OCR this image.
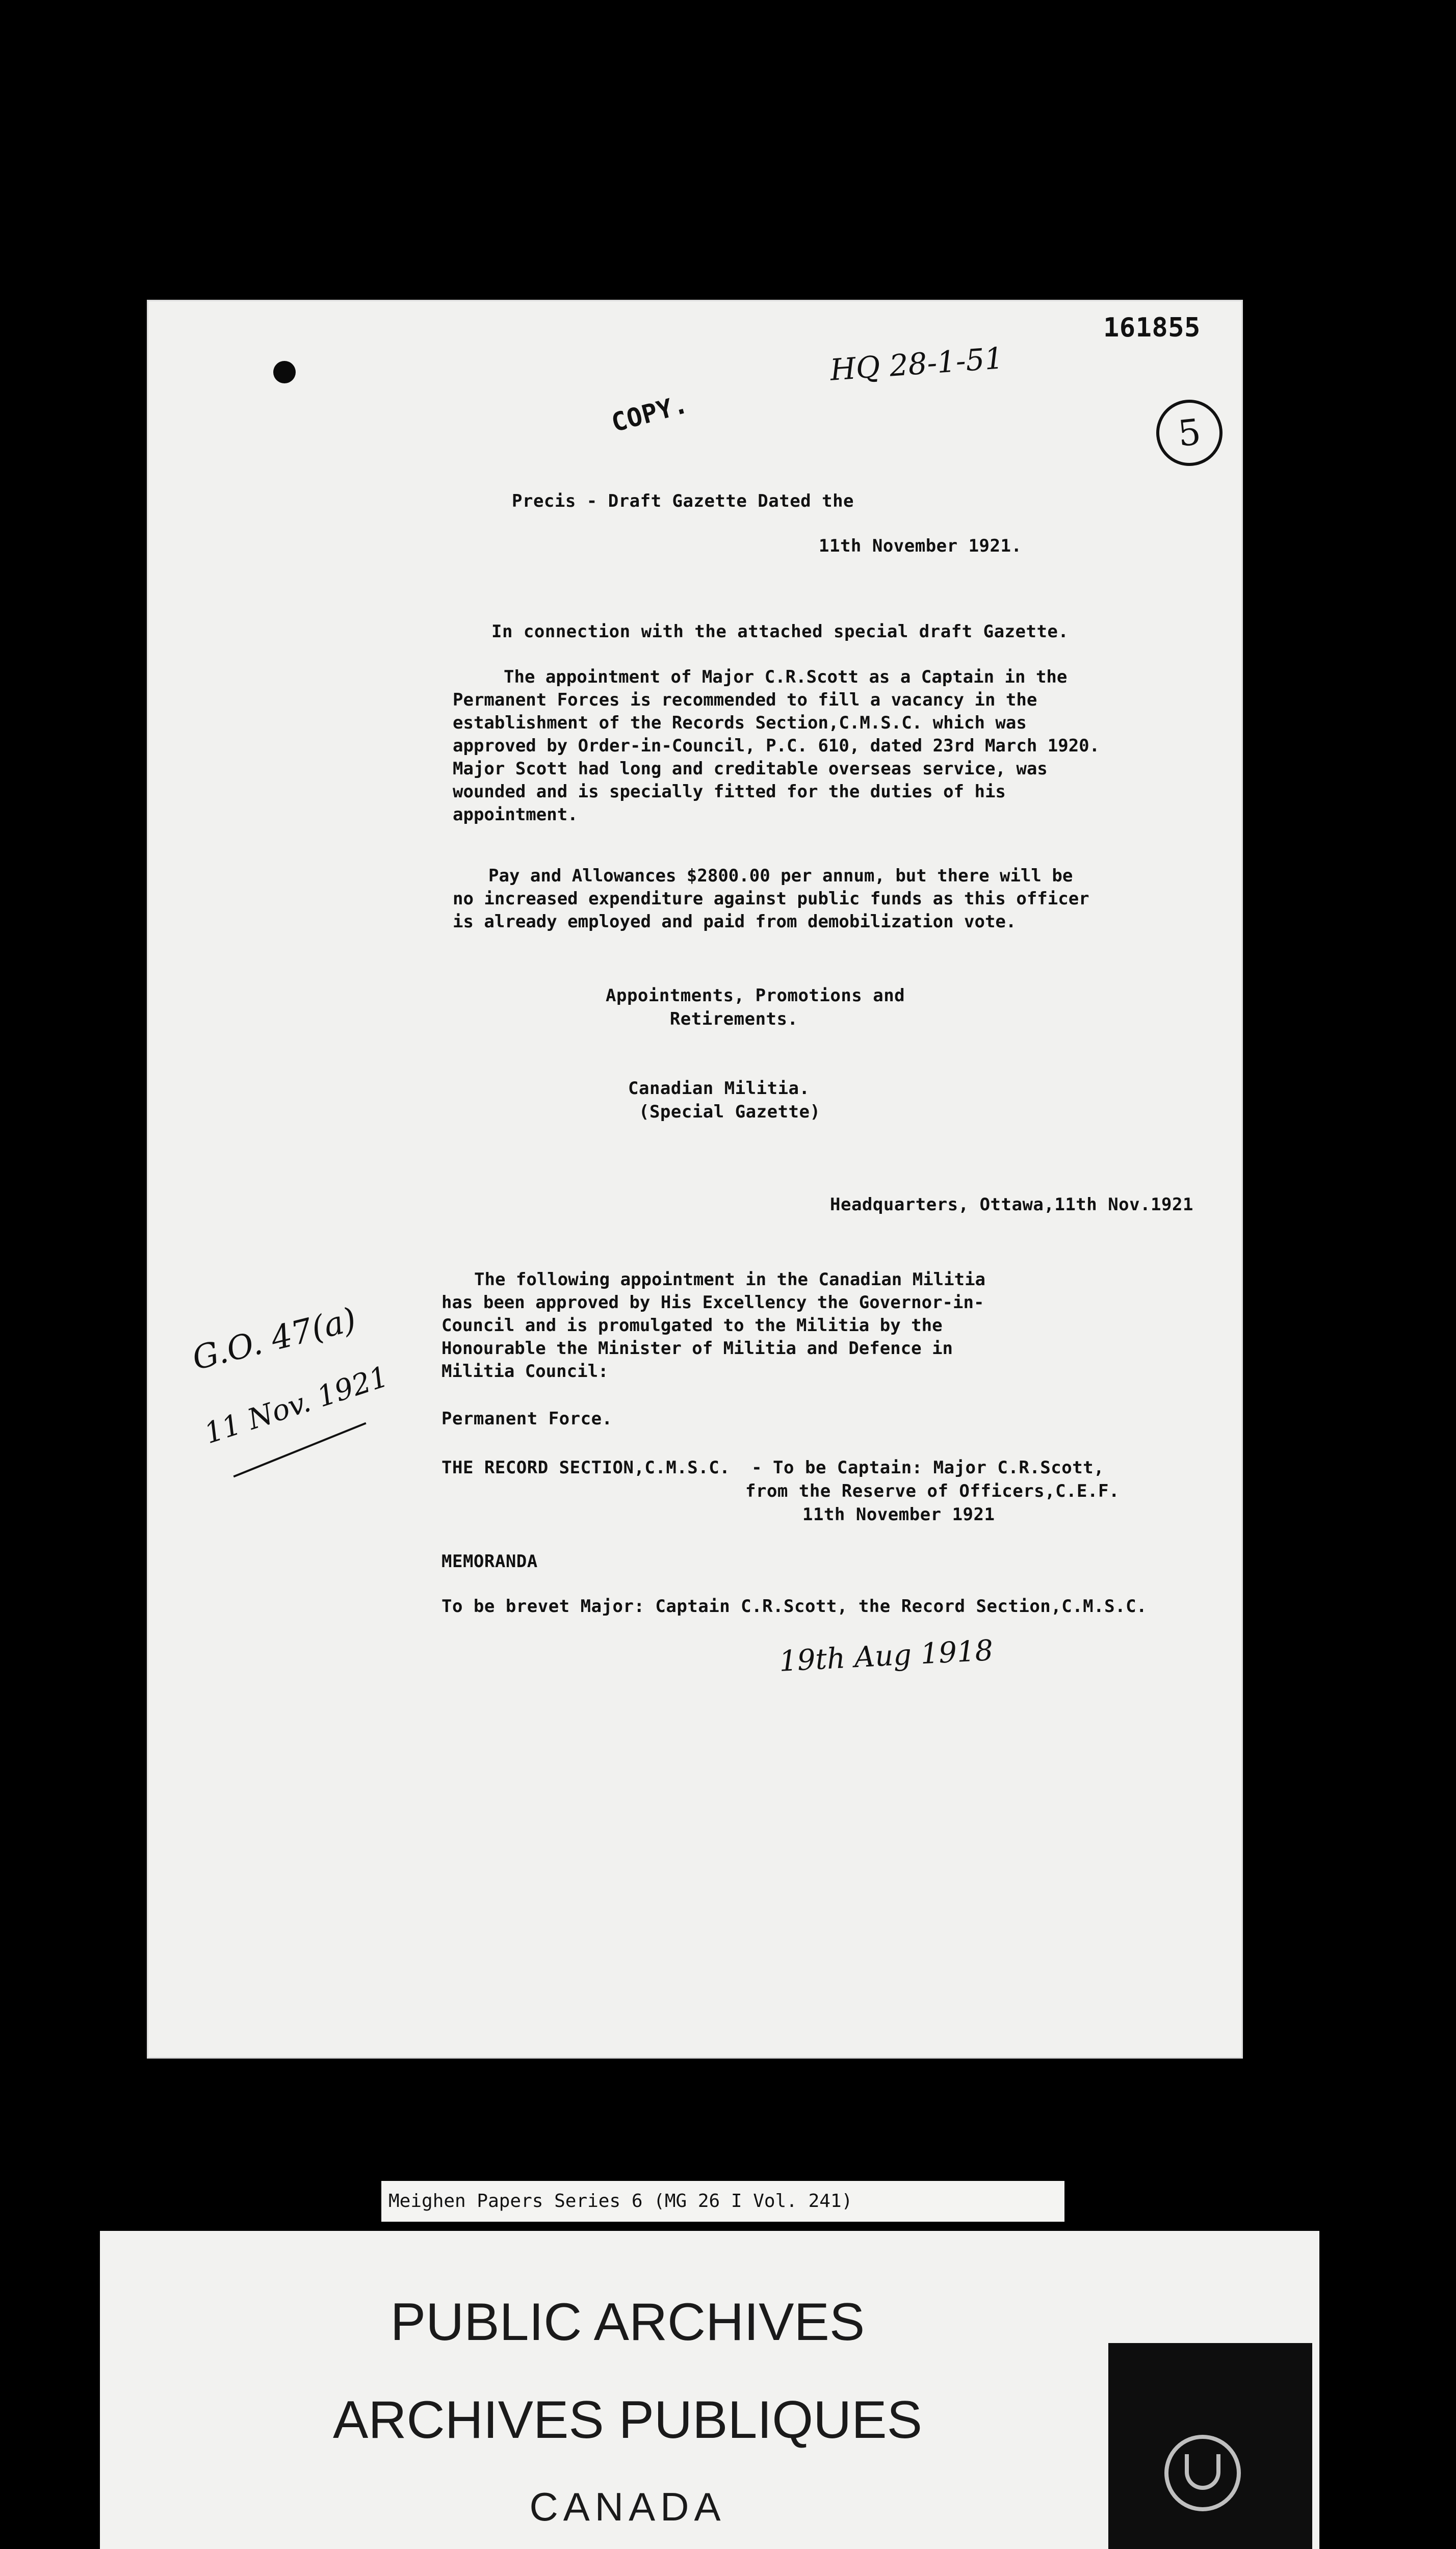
161855
HQ 28-1-51
5
COPY.
Precis - Draft Gazette Dated the
11th November 1921.
In connection with the attached special draft Gazette.
The appointment of Major C.R.Scott as a Captain in the
Permanent Forces is recommended to fill a vacancy in the
establishment of the Records Section,C.M.S.C. which was
approved by Order-in-Council, P.C. 610, dated 23rd March 1920.
Major Scott had long and creditable overseas service, was
wounded and is specially fitted for the duties of his
appointment.
Pay and Allowances $2800.00 per annum, but there will be
no increased expenditure against public funds as this officer
is already employed and paid from demobilization vote.
Appointments, Promotions and
Retirements.
Canadian Militia.
(Special Gazette)
Headquarters, Ottawa,11th Nov.1921
The following appointment in the Canadian Militia
has been approved by His Excellency the Governor-in-
Council and is promulgated to the Militia by the
Honourable the Minister of Militia and Defence in
Militia Council:
Permanent Force.
THE RECORD SECTION,C.M.S.C.  - To be Captain: Major C.R.Scott,
from the Reserve of Officers,C.E.F.
11th November 1921
MEMORANDA
To be brevet Major: Captain C.R.Scott, the Record Section,C.M.S.C.
G.O. 47(a)
11 Nov. 1921
19th Aug 1918
Meighen Papers Series 6 (MG 26 I Vol. 241)
PUBLIC ARCHIVES
ARCHIVES PUBLIQUES
CANADA
